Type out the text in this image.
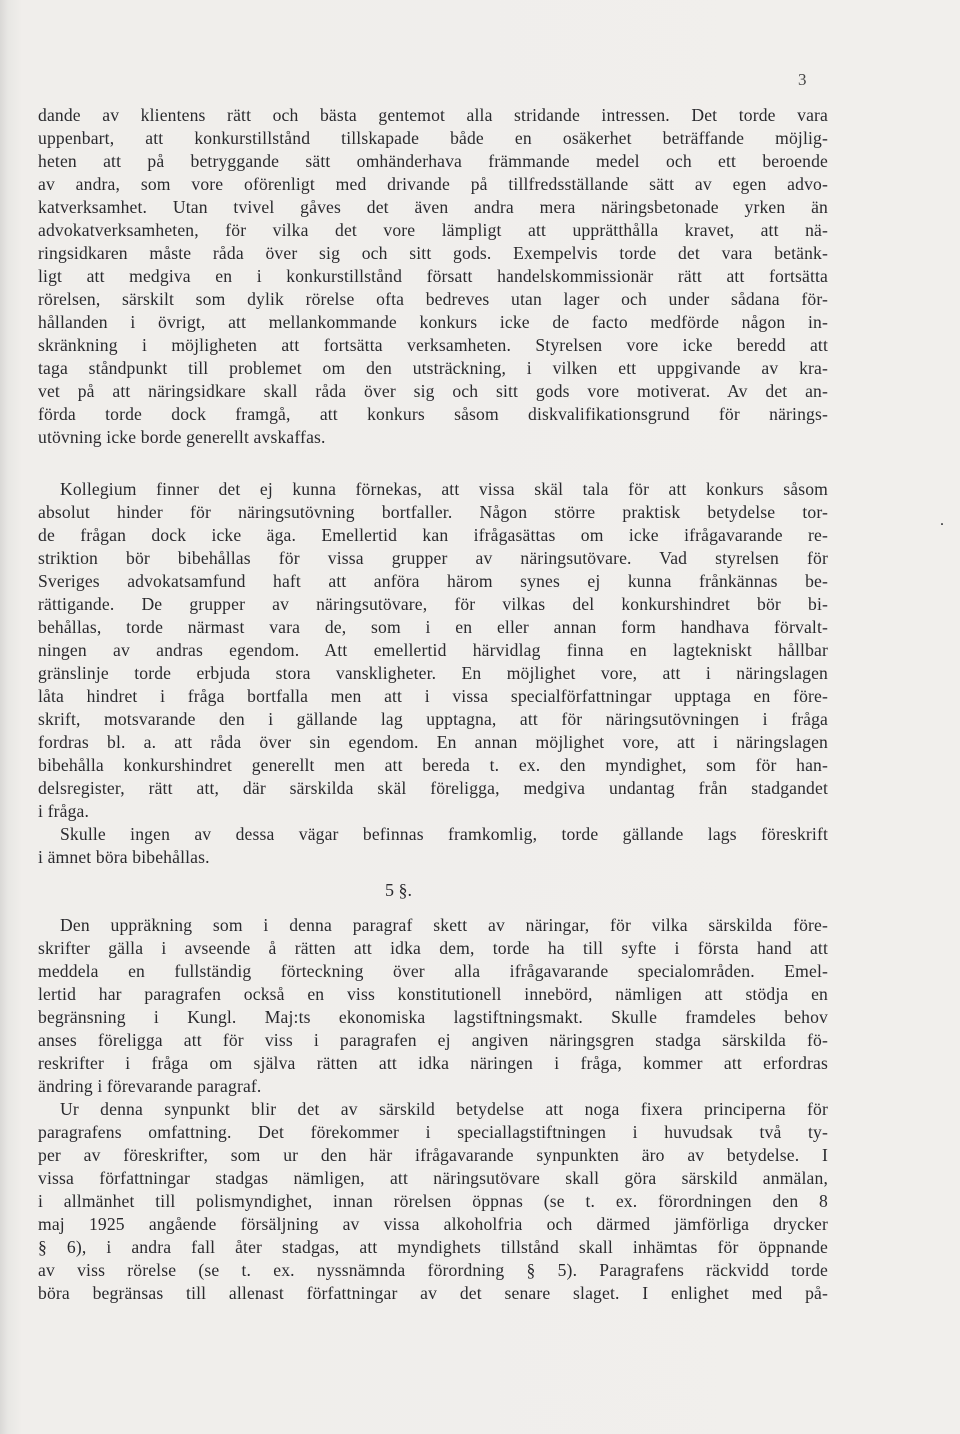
3
dande av klientens rätt och bästa gentemot alla stridande intressen. Det torde vara
uppenbart, att konkurstillstånd tillskapade både en osäkerhet beträffande möjlig-
heten att på betryggande sätt omhänderhava främmande medel och ett beroende
av andra, som vore oförenligt med drivande på tillfredsställande sätt av egen advo-
katverksamhet. Utan tvivel gåves det även andra mera näringsbetonade yrken än
advokatverksamheten, för vilka det vore lämpligt att upprätthålla kravet, att nä-
ringsidkaren måste råda över sig och sitt gods. Exempelvis torde det vara betänk-
ligt att medgiva en i konkurstillstånd försatt handelskommissionär rätt att fortsätta
rörelsen, särskilt som dylik rörelse ofta bedreves utan lager och under sådana för-
hållanden i övrigt, att mellankommande konkurs icke de facto medförde någon in-
skränkning i möjligheten att fortsätta verksamheten. Styrelsen vore icke beredd att
taga ståndpunkt till problemet om den utsträckning, i vilken ett uppgivande av kra-
vet på att näringsidkare skall råda över sig och sitt gods vore motiverat. Av det an-
förda torde dock framgå, att konkurs såsom diskvalifikationsgrund för närings-
utövning icke borde generellt avskaffas.
Kollegium finner det ej kunna förnekas, att vissa skäl tala för att konkurs såsom
absolut hinder för näringsutövning bortfaller. Någon större praktisk betydelse tor-
de frågan dock icke äga. Emellertid kan ifrågasättas om icke ifrågavarande re-
striktion bör bibehållas för vissa grupper av näringsutövare. Vad styrelsen för
Sveriges advokatsamfund haft att anföra härom synes ej kunna frånkännas be-
rättigande. De grupper av näringsutövare, för vilkas del konkurshindret bör bi-
behållas, torde närmast vara de, som i en eller annan form handhava förvalt-
ningen av andras egendom. Att emellertid härvidlag finna en lagtekniskt hållbar
gränslinje torde erbjuda stora vanskligheter. En möjlighet vore, att i näringslagen
låta hindret i fråga bortfalla men att i vissa specialförfattningar upptaga en före-
skrift, motsvarande den i gällande lag upptagna, att för näringsutövningen i fråga
fordras bl. a. att råda över sin egendom. En annan möjlighet vore, att i näringslagen
bibehålla konkurshindret generellt men att bereda t. ex. den myndighet, som för han-
delsregister, rätt att, där särskilda skäl föreligga, medgiva undantag från stadgandet
i fråga.
Skulle ingen av dessa vägar befinnas framkomlig, torde gällande lags föreskrift
i ämnet böra bibehållas.
5 §.
Den uppräkning som i denna paragraf skett av näringar, för vilka särskilda före-
skrifter gälla i avseende å rätten att idka dem, torde ha till syfte i första hand att
meddela en fullständig förteckning över alla ifrågavarande specialområden. Emel-
lertid har paragrafen också en viss konstitutionell innebörd, nämligen att stödja en
begränsning i Kungl. Maj:ts ekonomiska lagstiftningsmakt. Skulle framdeles behov
anses föreligga att för viss i paragrafen ej angiven näringsgren stadga särskilda fö-
reskrifter i fråga om själva rätten att idka näringen i fråga, kommer att erfordras
ändring i förevarande paragraf.
Ur denna synpunkt blir det av särskild betydelse att noga fixera principerna för
paragrafens omfattning. Det förekommer i speciallagstiftningen i huvudsak två ty-
per av föreskrifter, som ur den här ifrågavarande synpunkten äro av betydelse. I
vissa författningar stadgas nämligen, att näringsutövare skall göra särskild anmälan,
i allmänhet till polismyndighet, innan rörelsen öppnas (se t. ex. förordningen den 8
maj 1925 angående försäljning av vissa alkoholfria och därmed jämförliga drycker
§ 6), i andra fall åter stadgas, att myndighets tillstånd skall inhämtas för öppnande
av viss rörelse (se t. ex. nyssnämnda förordning § 5). Paragrafens räckvidd torde
böra begränsas till allenast författningar av det senare slaget. I enlighet med på-
.
